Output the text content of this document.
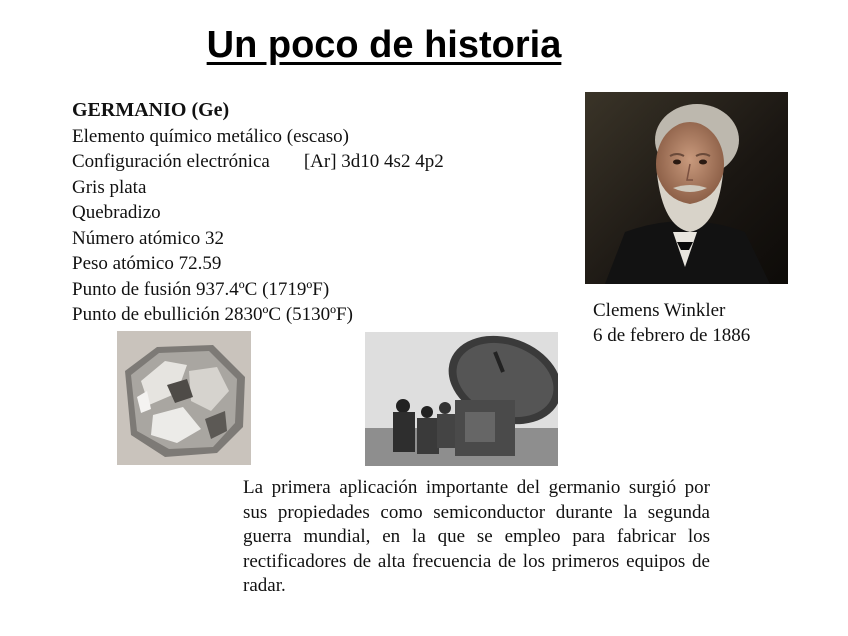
Un poco de historia
GERMANIO (Ge)
Elemento químico metálico (escaso)
Configuración electrónica [Ar] 3d10 4s2 4p2
Gris plata
Quebradizo
Número atómico 32
Peso atómico 72.59
Punto de fusión 937.4ºC (1719ºF)
Punto de ebullición 2830ºC (5130ºF)	Clemens Winkler
6 de febrero de 1886
La primera aplicación importante del germanio surgió por sus propiedades como semiconductor durante la segunda guerra mundial, en la que se empleo para fabricar los rectificadores de alta frecuencia de los primeros equipos de radar.
